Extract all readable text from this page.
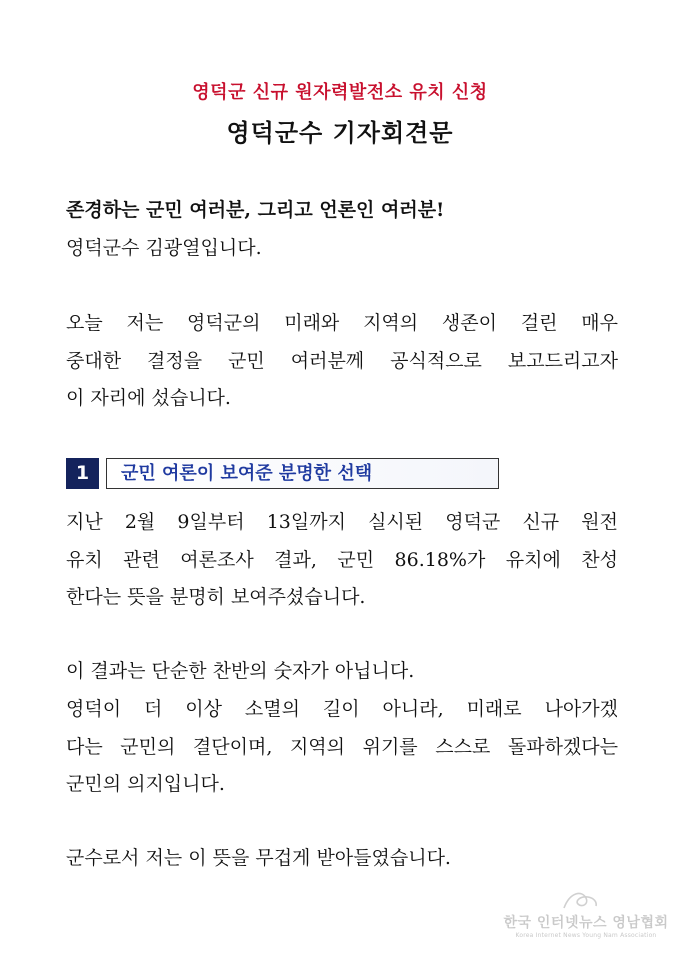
영덕군 신규 원자력발전소 유치 신청
영덕군수 기자회견문
존경하는 군민 여러분, 그리고 언론인 여러분!
영덕군수 김광열입니다.
오늘 저는 영덕군의 미래와 지역의 생존이 걸린 매우
중대한 결정을 군민 여러분께 공식적으로 보고드리고자
이 자리에 섰습니다.
1	군민 여론이 보여준 분명한 선택
지난 2월 9일부터 13일까지 실시된 영덕군 신규 원전
유치 관련 여론조사 결과, 군민 86.18%가 유치에 찬성
한다는 뜻을 분명히 보여주셨습니다.
이 결과는 단순한 찬반의 숫자가 아닙니다.
영덕이 더 이상 소멸의 길이 아니라, 미래로 나아가겠
다는 군민의 결단이며, 지역의 위기를 스스로 돌파하겠다는
군민의 의지입니다.
군수로서 저는 이 뜻을 무겁게 받아들였습니다.
한국 인터넷뉴스 영남협회
Korea Internet News Young Nam Association
